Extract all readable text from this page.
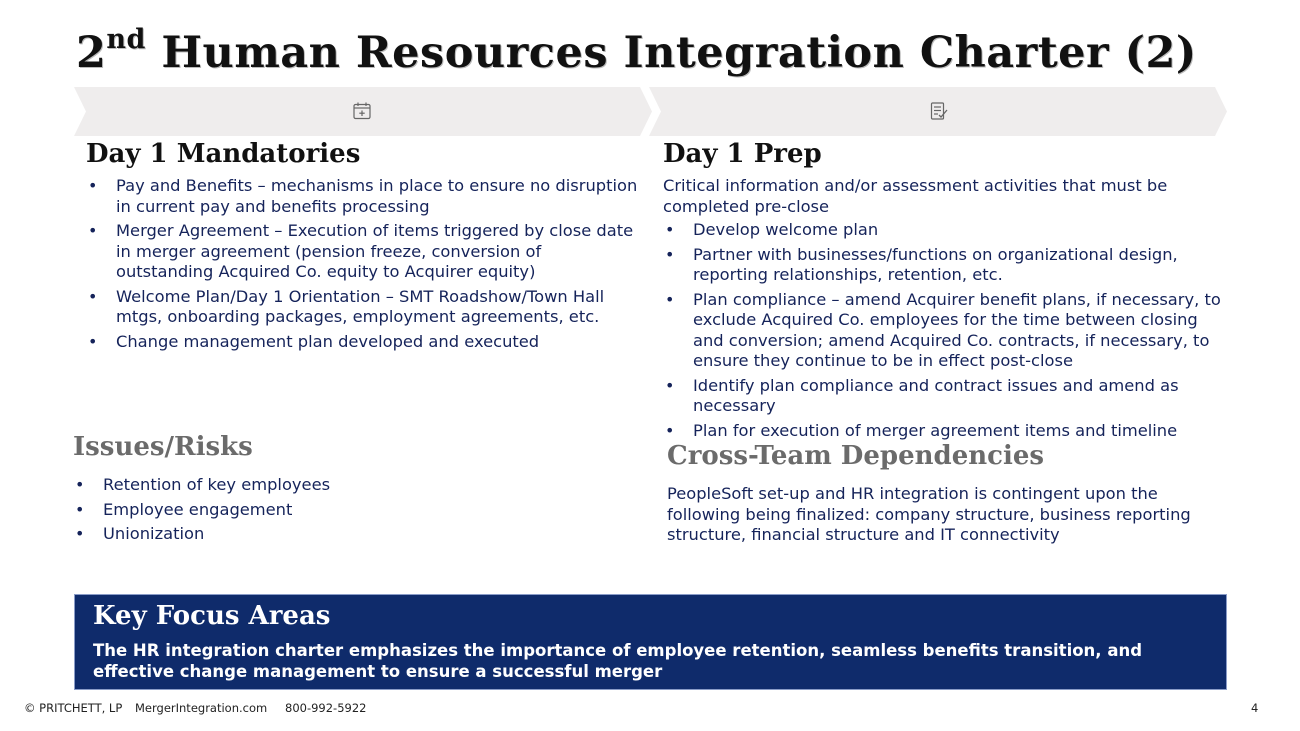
2nd Human Resources Integration Charter (2)
Day 1 Mandatories
• Pay and Benefits – mechanisms in place to ensure no disruption in current pay and benefits processing
• Merger Agreement – Execution of items triggered by close date in merger agreement (pension freeze, conversion of outstanding Acquired Co. equity to Acquirer equity)
• Welcome Plan/Day 1 Orientation – SMT Roadshow/Town Hall mtgs, onboarding packages, employment agreements, etc.
• Change management plan developed and executed
Day 1 Prep
Critical information and/or assessment activities that must be completed pre-close
• Develop welcome plan
• Partner with businesses/functions on organizational design, reporting relationships, retention, etc.
• Plan compliance – amend Acquirer benefit plans, if necessary, to exclude Acquired Co. employees for the time between closing and conversion; amend Acquired Co. contracts, if necessary, to ensure they continue to be in effect post-close
• Identify plan compliance and contract issues and amend as necessary
• Plan for execution of merger agreement items and timeline
Issues/Risks
• Retention of key employees
• Employee engagement
• Unionization
Cross-Team Dependencies
PeopleSoft set-up and HR integration is contingent upon the following being finalized: company structure, business reporting structure, financial structure and IT connectivity
Key Focus Areas
The HR integration charter emphasizes the importance of employee retention, seamless benefits transition, and effective change management to ensure a successful merger
© PRITCHETT, LP MergerIntegration.com 800-992-5922	4
